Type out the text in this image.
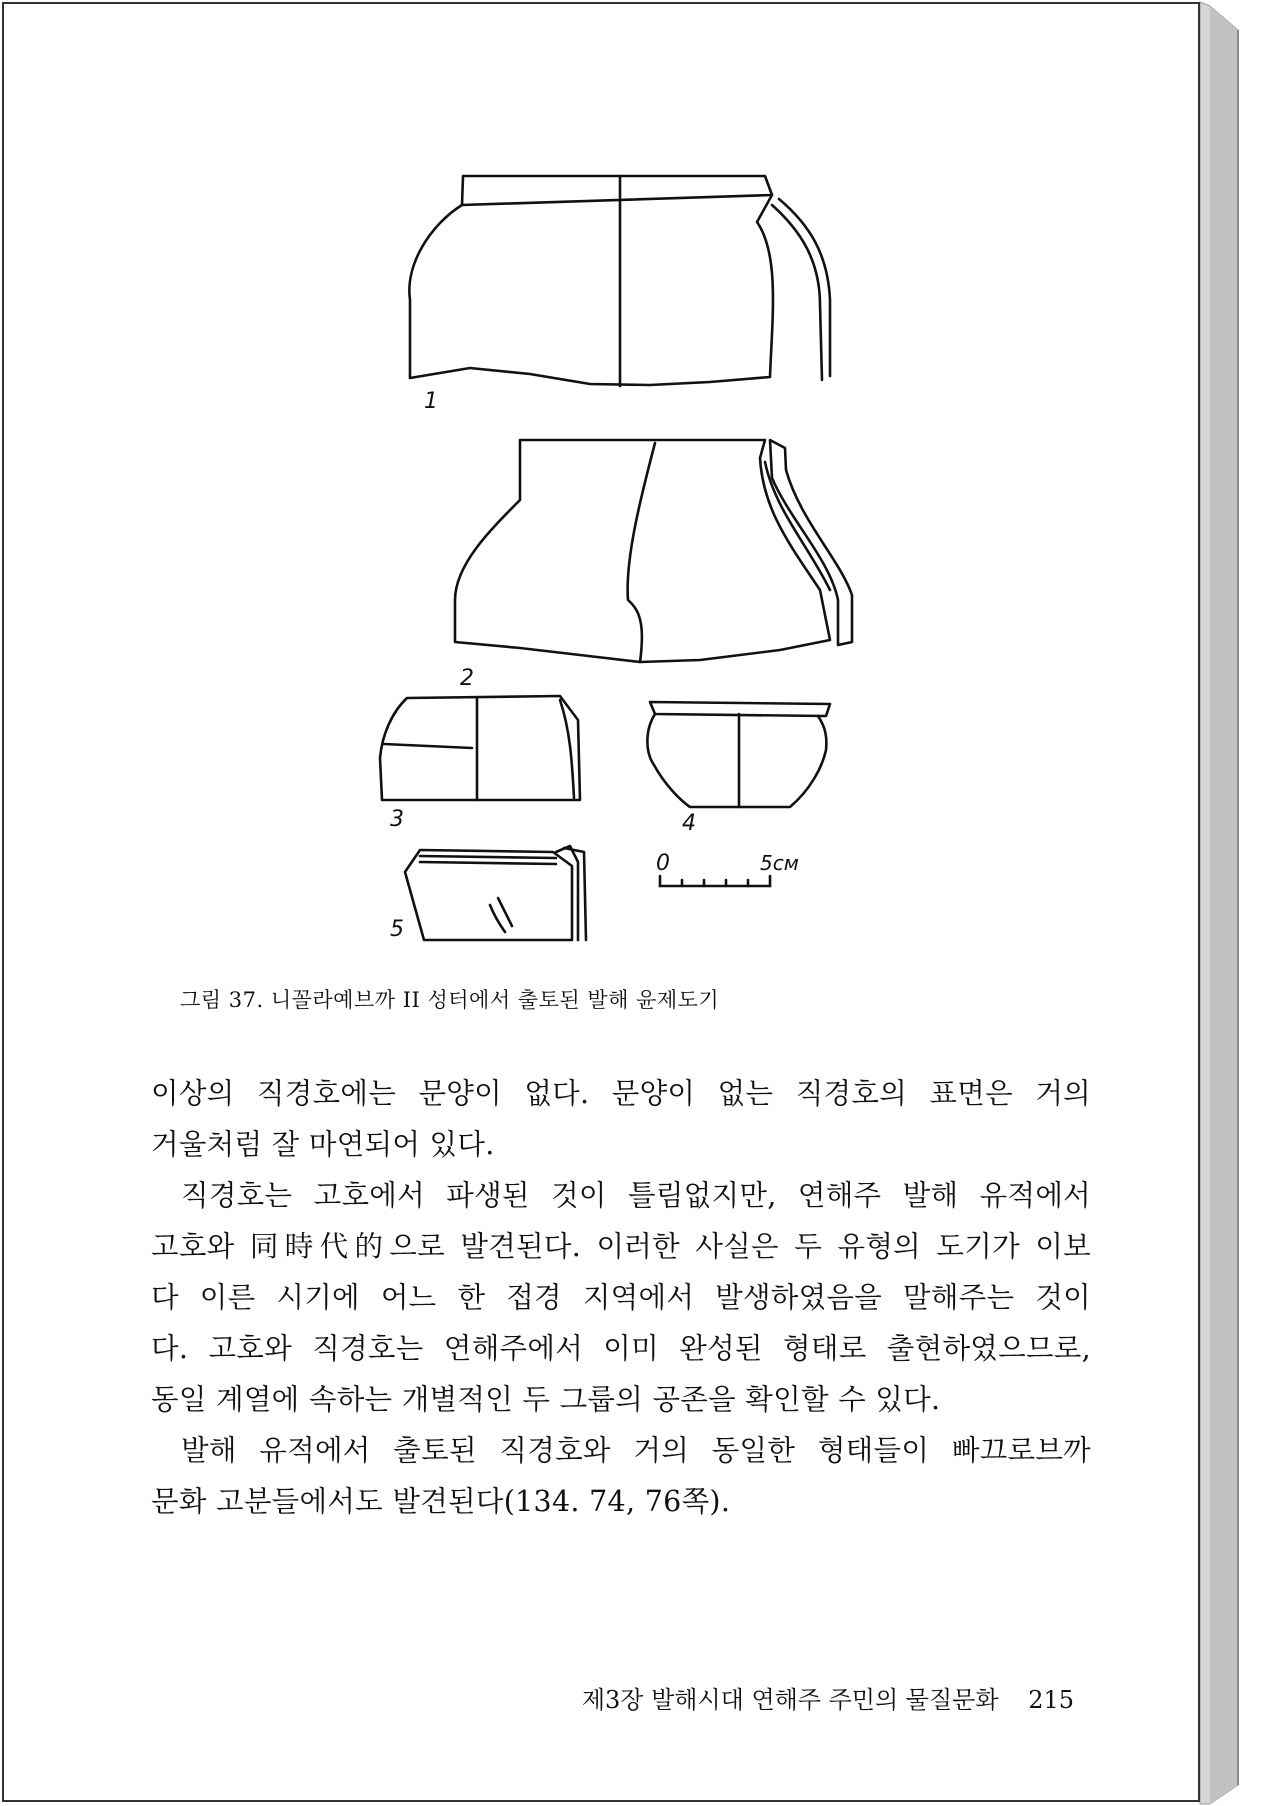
1
2
3	4
5
0	5см
그림 37. 니꼴라예브까 II 성터에서 출토된 발해 윤제도기
이상의 직경호에는 문양이 없다. 문양이 없는 직경호의 표면은 거의
거울처럼 잘 마연되어 있다.
직경호는 고호에서 파생된 것이 틀림없지만, 연해주 발해 유적에서
고호와 同時代的으로 발견된다. 이러한 사실은 두 유형의 도기가 이보
다 이른 시기에 어느 한 접경 지역에서 발생하였음을 말해주는 것이
다. 고호와 직경호는 연해주에서 이미 완성된 형태로 출현하였으므로,
동일 계열에 속하는 개별적인 두 그룹의 공존을 확인할 수 있다.
발해 유적에서 출토된 직경호와 거의 동일한 형태들이 빠끄로브까
문화 고분들에서도 발견된다(134. 74, 76쪽).
제3장 발해시대 연해주 주민의 물질문화 215
